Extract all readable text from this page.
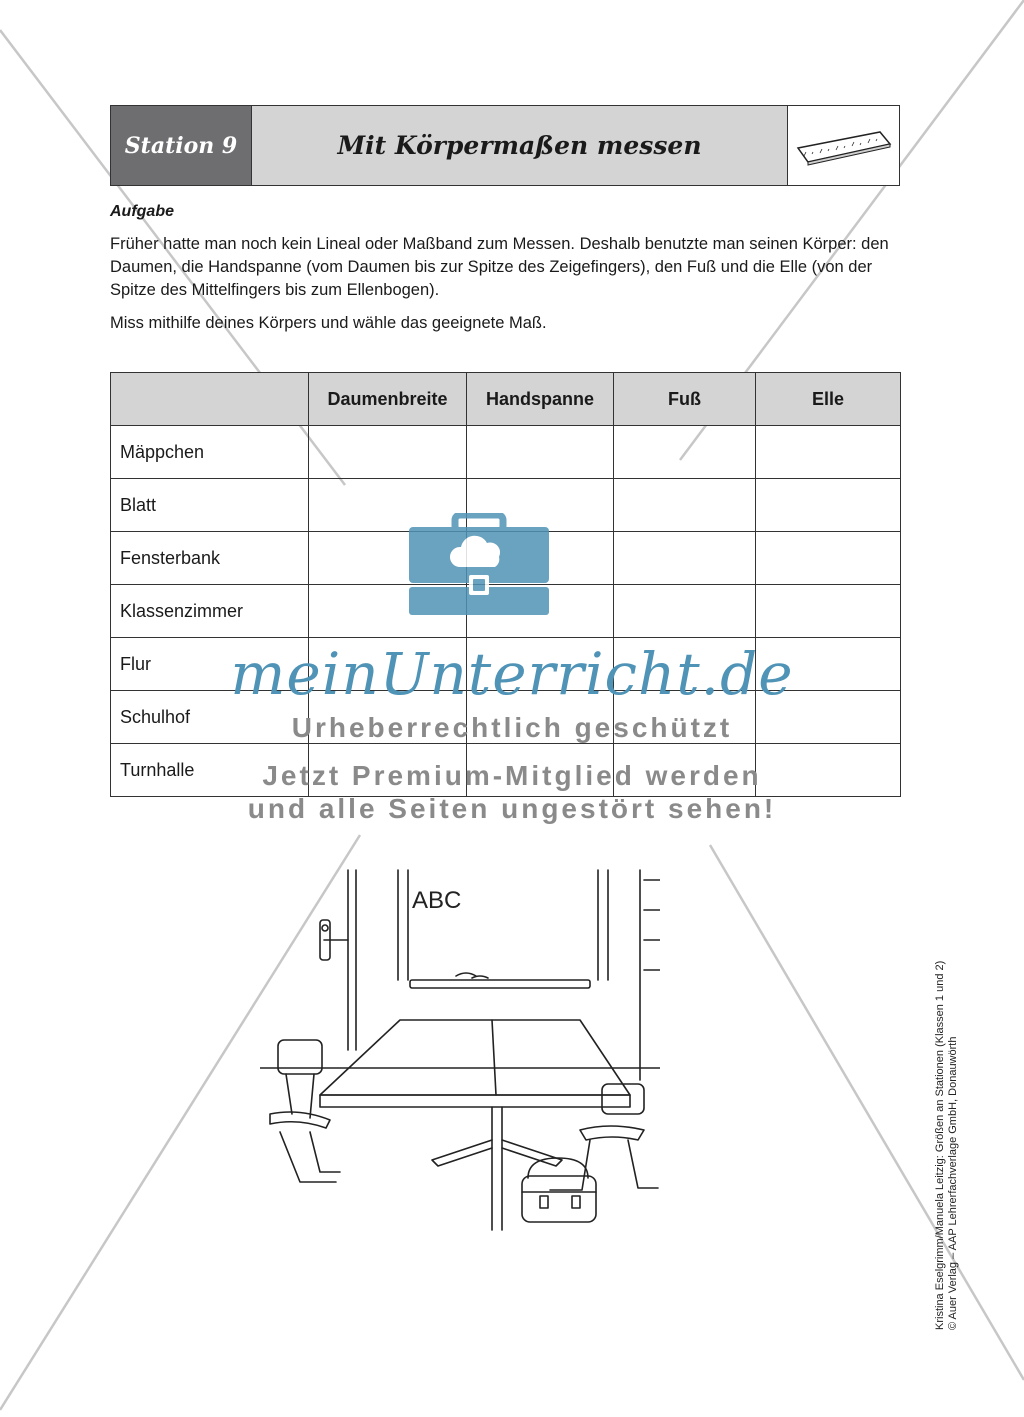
Station 9	Mit Körpermaßen messen
Aufgabe

Früher hatte man noch kein Lineal oder Maßband zum Messen. Deshalb benutzte man seinen Körper: den Daumen, die Handspanne (vom Daumen bis zur Spitze des Zeigefingers), den Fuß und die Elle (von der Spitze des Mittelfingers bis zum Ellenbogen).

Miss mithilfe deines Körpers und wähle das geeignete Maß.

	Daumenbreite	Handspanne	Fuß	Elle
Mäppchen				
Blatt				
Fensterbank				
Klassenzimmer				
Flur				
Schulhof				
Turnhalle				
meinUnterricht.de
Urheberrechtlich geschützt
Jetzt Premium-Mitglied werden
und alle Seiten ungestört sehen!
ABC
Kristina Eselgrimm/Manuela Leitzig: Größen an Stationen (Klassen 1 und 2) © Auer Verlag – AAP Lehrerfachverlage GmbH, Donauwörth
